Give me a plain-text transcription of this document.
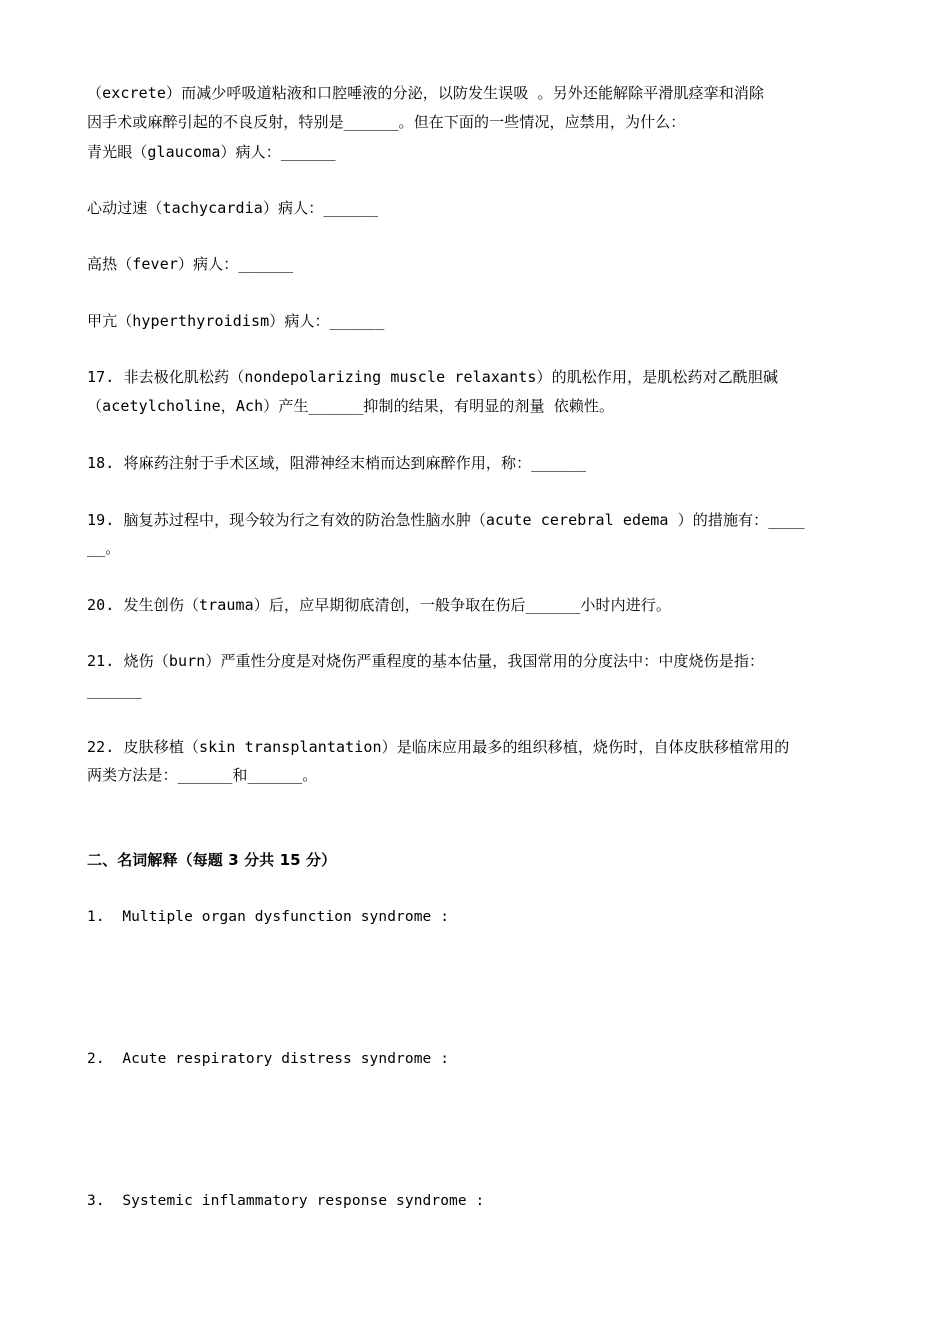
（excrete）而减少呼吸道粘液和口腔唾液的分泌，以防发生误吸 。另外还能解除平滑肌痉挛和消除
因手术或麻醉引起的不良反射，特别是______。但在下面的一些情况，应禁用，为什么：
青光眼（glaucoma）病人：______
心动过速（tachycardia）病人：______
高热（fever）病人：______
甲亢（hyperthyroidism）病人：______
17. 非去极化肌松药（nondepolarizing muscle relaxants）的肌松作用，是肌松药对乙酰胆碱
（acetylcholine，Ach）产生______抑制的结果，有明显的剂量 依赖性。
18. 将麻药注射于手术区域，阻滞神经末梢而达到麻醉作用，称：______
19. 脑复苏过程中，现今较为行之有效的防治急性脑水肿（acute cerebral edema ）的措施有：____
__。
20. 发生创伤（trauma）后，应早期彻底清创，一般争取在伤后______小时内进行。
21. 烧伤（burn）严重性分度是对烧伤严重程度的基本估量，我国常用的分度法中：中度烧伤是指：
______
22. 皮肤移植（skin transplantation）是临床应用最多的组织移植，烧伤时，自体皮肤移植常用的
两类方法是：______和______。
二、名词解释（每题 3 分共 15 分）
1.  Multiple organ dysfunction syndrome :
2.  Acute respiratory distress syndrome :
3.  Systemic inflammatory response syndrome :
